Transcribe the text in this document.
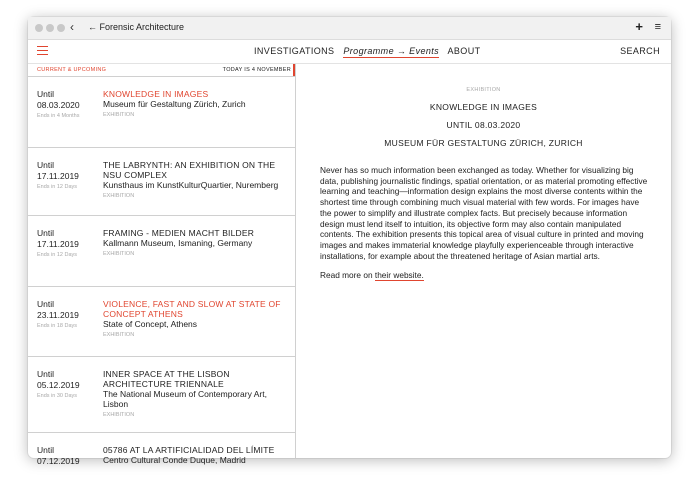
‹ ← Forensic Architecture	+ ≡
INVESTIGATIONS Programme → Events ABOUT	SEARCH
CURRENT & UPCOMING	TODAY IS 4 NOVEMBER
Until
08.03.2020
Ends in 4 Months
KNOWLEDGE IN IMAGES
Museum für Gestaltung Zürich, Zurich
EXHIBITION
Until
17.11.2019
Ends in 12 Days
THE LABRYNTH: AN EXHIBITION ON THE NSU COMPLEX
Kunsthaus im KunstKulturQuartier, Nuremberg
EXHIBITION
Until
17.11.2019
Ends in 12 Days
FRAMING - MEDIEN MACHT BILDER
Kallmann Museum, Ismaning, Germany
EXHIBITION
Until
23.11.2019
Ends in 18 Days
VIOLENCE, FAST AND SLOW AT STATE OF CONCEPT ATHENS
State of Concept, Athens
EXHIBITION
Until
05.12.2019
Ends in 30 Days
INNER SPACE AT THE LISBON ARCHITECTURE TRIENNALE
The National Museum of Contemporary Art, Lisbon
EXHIBITION
Until
07.12.2019
05786 AT LA ARTIFICIALIDAD DEL LÍMITE
Centro Cultural Conde Duque, Madrid
EXHIBITION
KNOWLEDGE IN IMAGES
UNTIL 08.03.2020
MUSEUM FÜR GESTALTUNG ZÜRICH, ZURICH
Never has so much information been exchanged as today. Whether for visualizing big data, publishing journalistic findings, spatial orientation, or as material promoting effective learning and teaching—information design explains the most diverse contents within the shortest time through combining much visual material with few words. For images have the power to simplify and illustrate complex facts. But precisely because information design must lend itself to intuition, its objective form may also contain manipulated contents. The exhibition presents this topical area of visual culture in printed and moving images and makes immaterial knowledge playfully experienceable through interactive installations, for example about the threatened heritage of Asian martial arts.
Read more on their website.
